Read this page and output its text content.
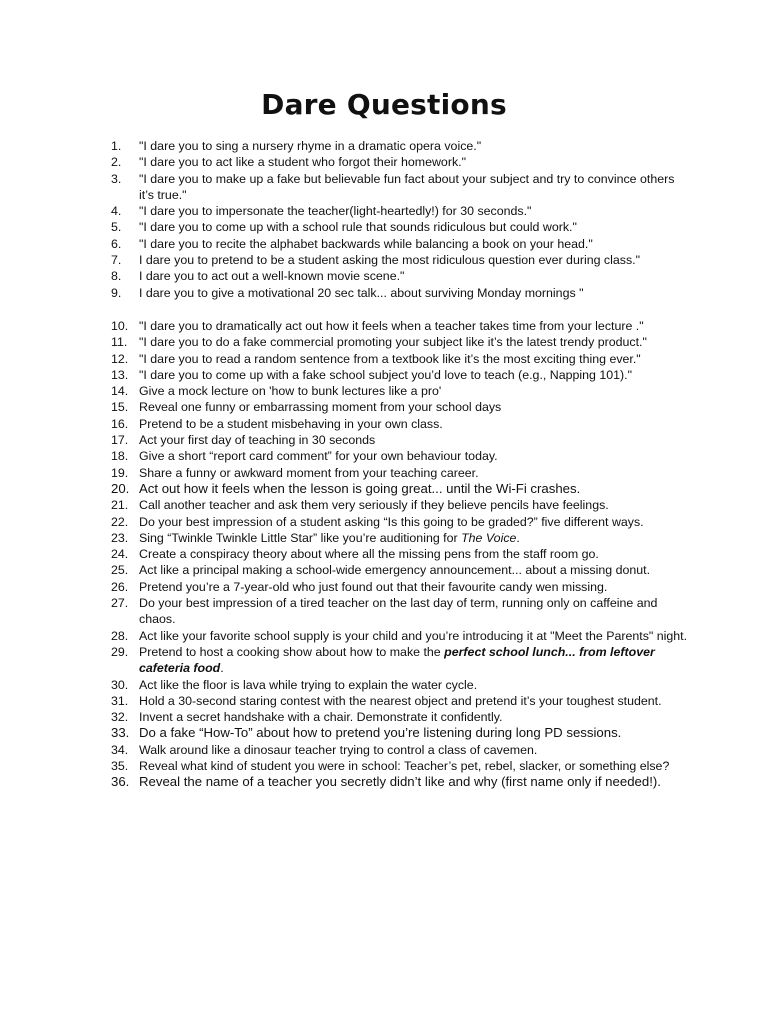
Dare Questions
1.	"I dare you to sing a nursery rhyme in a dramatic opera voice."
2.	"I dare you to act like a student who forgot their homework."
3.	"I dare you to make up a fake but believable fun fact about your subject and try to convince others it’s true."
4.	"I dare you to impersonate the teacher(light-heartedly!) for 30 seconds."
5.	"I dare you to come up with a school rule that sounds ridiculous but could work."
6.	"I dare you to recite the alphabet backwards while balancing a book on your head."
7.	I dare you to pretend to be a student asking the most ridiculous question ever during class."
8.	I dare you to act out a well-known movie scene."
9.	I dare you to give a motivational 20 sec talk... about surviving Monday mornings "
10. "I dare you to dramatically act out how it feels when a teacher takes time from your lecture ."
11. "I dare you to do a fake commercial promoting your subject like it’s the latest trendy product."
12. "I dare you to read a random sentence from a textbook like it’s the most exciting thing ever."
13. "I dare you to come up with a fake school subject you’d love to teach (e.g., Napping 101)."
14. Give a mock lecture on 'how to bunk lectures like a pro'
15. Reveal one funny or embarrassing moment from your school days
16. Pretend to be a student misbehaving in your own class.
17. Act your first day of teaching in 30 seconds
18. Give a short “report card comment” for your own behaviour today.
19. Share a funny or awkward moment from your teaching career.
20. Act out how it feels when the lesson is going great... until the Wi-Fi crashes.
21. Call another teacher and ask them very seriously if they believe pencils have feelings.
22. Do your best impression of a student asking “Is this going to be graded?” five different ways.
23. Sing “Twinkle Twinkle Little Star” like you’re auditioning for The Voice.
24. Create a conspiracy theory about where all the missing pens from the staff room go.
25. Act like a principal making a school-wide emergency announcement... about a missing donut.
26. Pretend you’re a 7-year-old who just found out that their favourite candy wen missing.
27. Do your best impression of a tired teacher on the last day of term, running only on caffeine and chaos.
28. Act like your favorite school supply is your child and you’re introducing it at "Meet the Parents" night.
29. Pretend to host a cooking show about how to make the perfect school lunch... from leftover cafeteria food.
30. Act like the floor is lava while trying to explain the water cycle.
31. Hold a 30-second staring contest with the nearest object and pretend it’s your toughest student.
32. Invent a secret handshake with a chair. Demonstrate it confidently.
33. Do a fake “How-To” about how to pretend you’re listening during long PD sessions.
34. Walk around like a dinosaur teacher trying to control a class of cavemen.
35. Reveal what kind of student you were in school: Teacher’s pet, rebel, slacker, or something else?
36. Reveal the name of a teacher you secretly didn’t like and why (first name only if needed!).
